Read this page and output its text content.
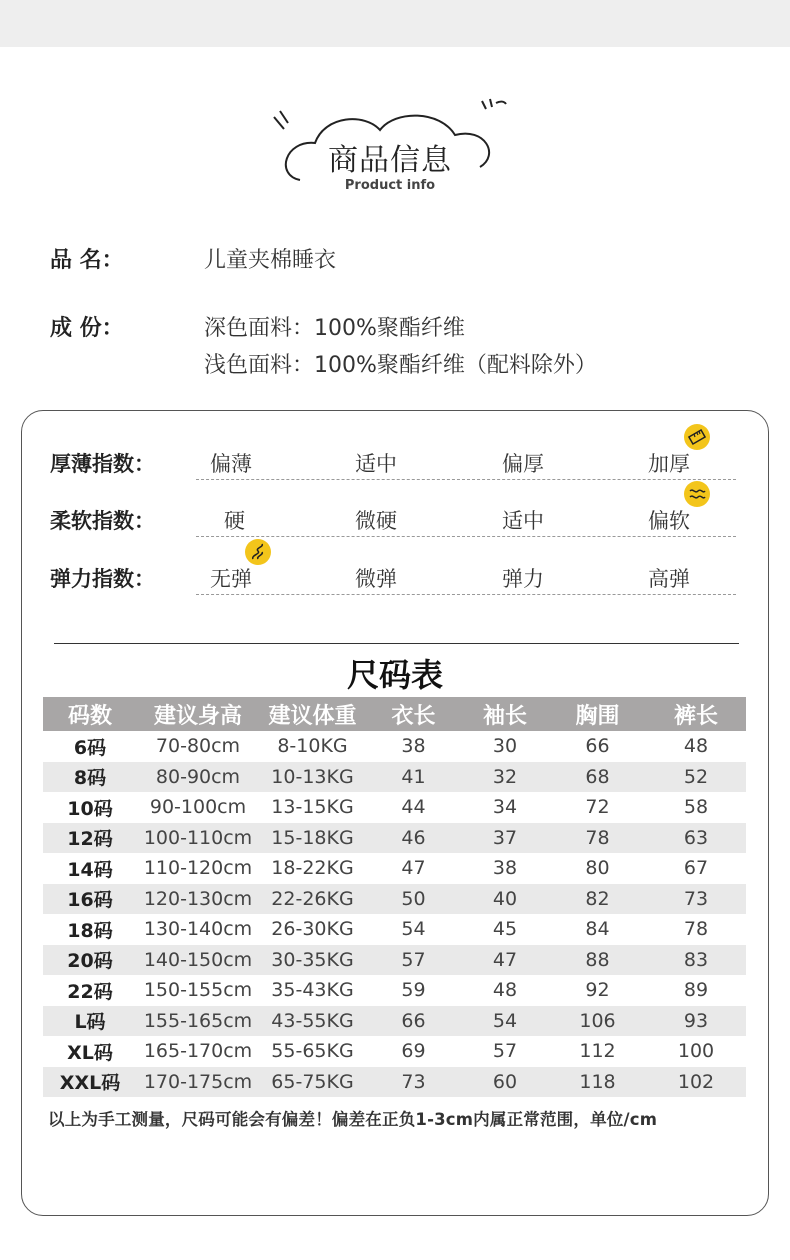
商品信息
Product info
品 名：	儿童夹棉睡衣
成 份：	深色面料：100%聚酯纤维
浅色面料：100%聚酯纤维（配料除外）
厚薄指数：	偏薄	适中	偏厚	加厚
柔软指数：	硬	微硬	适中	偏软
弹力指数：	无弹	微弹	弹力	高弹
尺码表
码数	建议身高	建议体重	衣长	袖长	胸围	裤长
6码	70-80cm	8-10KG	38	30	66	48
8码	80-90cm	10-13KG	41	32	68	52
10码	90-100cm	13-15KG	44	34	72	58
12码	100-110cm	15-18KG	46	37	78	63
14码	110-120cm	18-22KG	47	38	80	67
16码	120-130cm	22-26KG	50	40	82	73
18码	130-140cm	26-30KG	54	45	84	78
20码	140-150cm	30-35KG	57	47	88	83
22码	150-155cm	35-43KG	59	48	92	89
L码	155-165cm	43-55KG	66	54	106	93
XL码	165-170cm	55-65KG	69	57	112	100
XXL码	170-175cm	65-75KG	73	60	118	102
以上为手工测量，尺码可能会有偏差！偏差在正负1-3cm内属正常范围，单位/cm
